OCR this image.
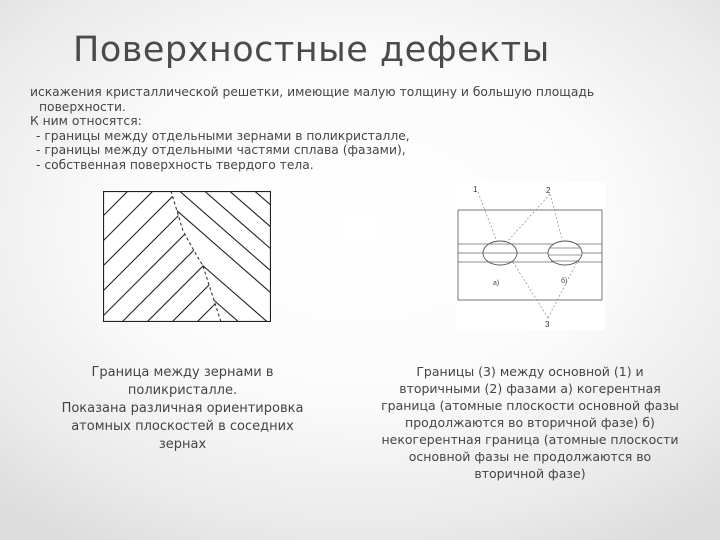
Поверхностные дефекты
искажения кристаллической решетки, имеющие малую толщину и большую площадь
поверхности.
К ним относятся:
- границы между отдельными зернами в поликристалле,
- границы между отдельными частями сплава (фазами),
- собственная поверхность твердого тела.
1	2
3
а)	б)
Граница между зернами в
поликристалле.
Показана различная ориентировка
атомных плоскостей в соседних
зернах
Границы (3) между основной (1) и
вторичными (2) фазами а) когерентная
граница (атомные плоскости основной фазы
продолжаются во вторичной фазе) б)
некогерентная граница (атомные плоскости
основной фазы не продолжаются во
вторичной фазе)
